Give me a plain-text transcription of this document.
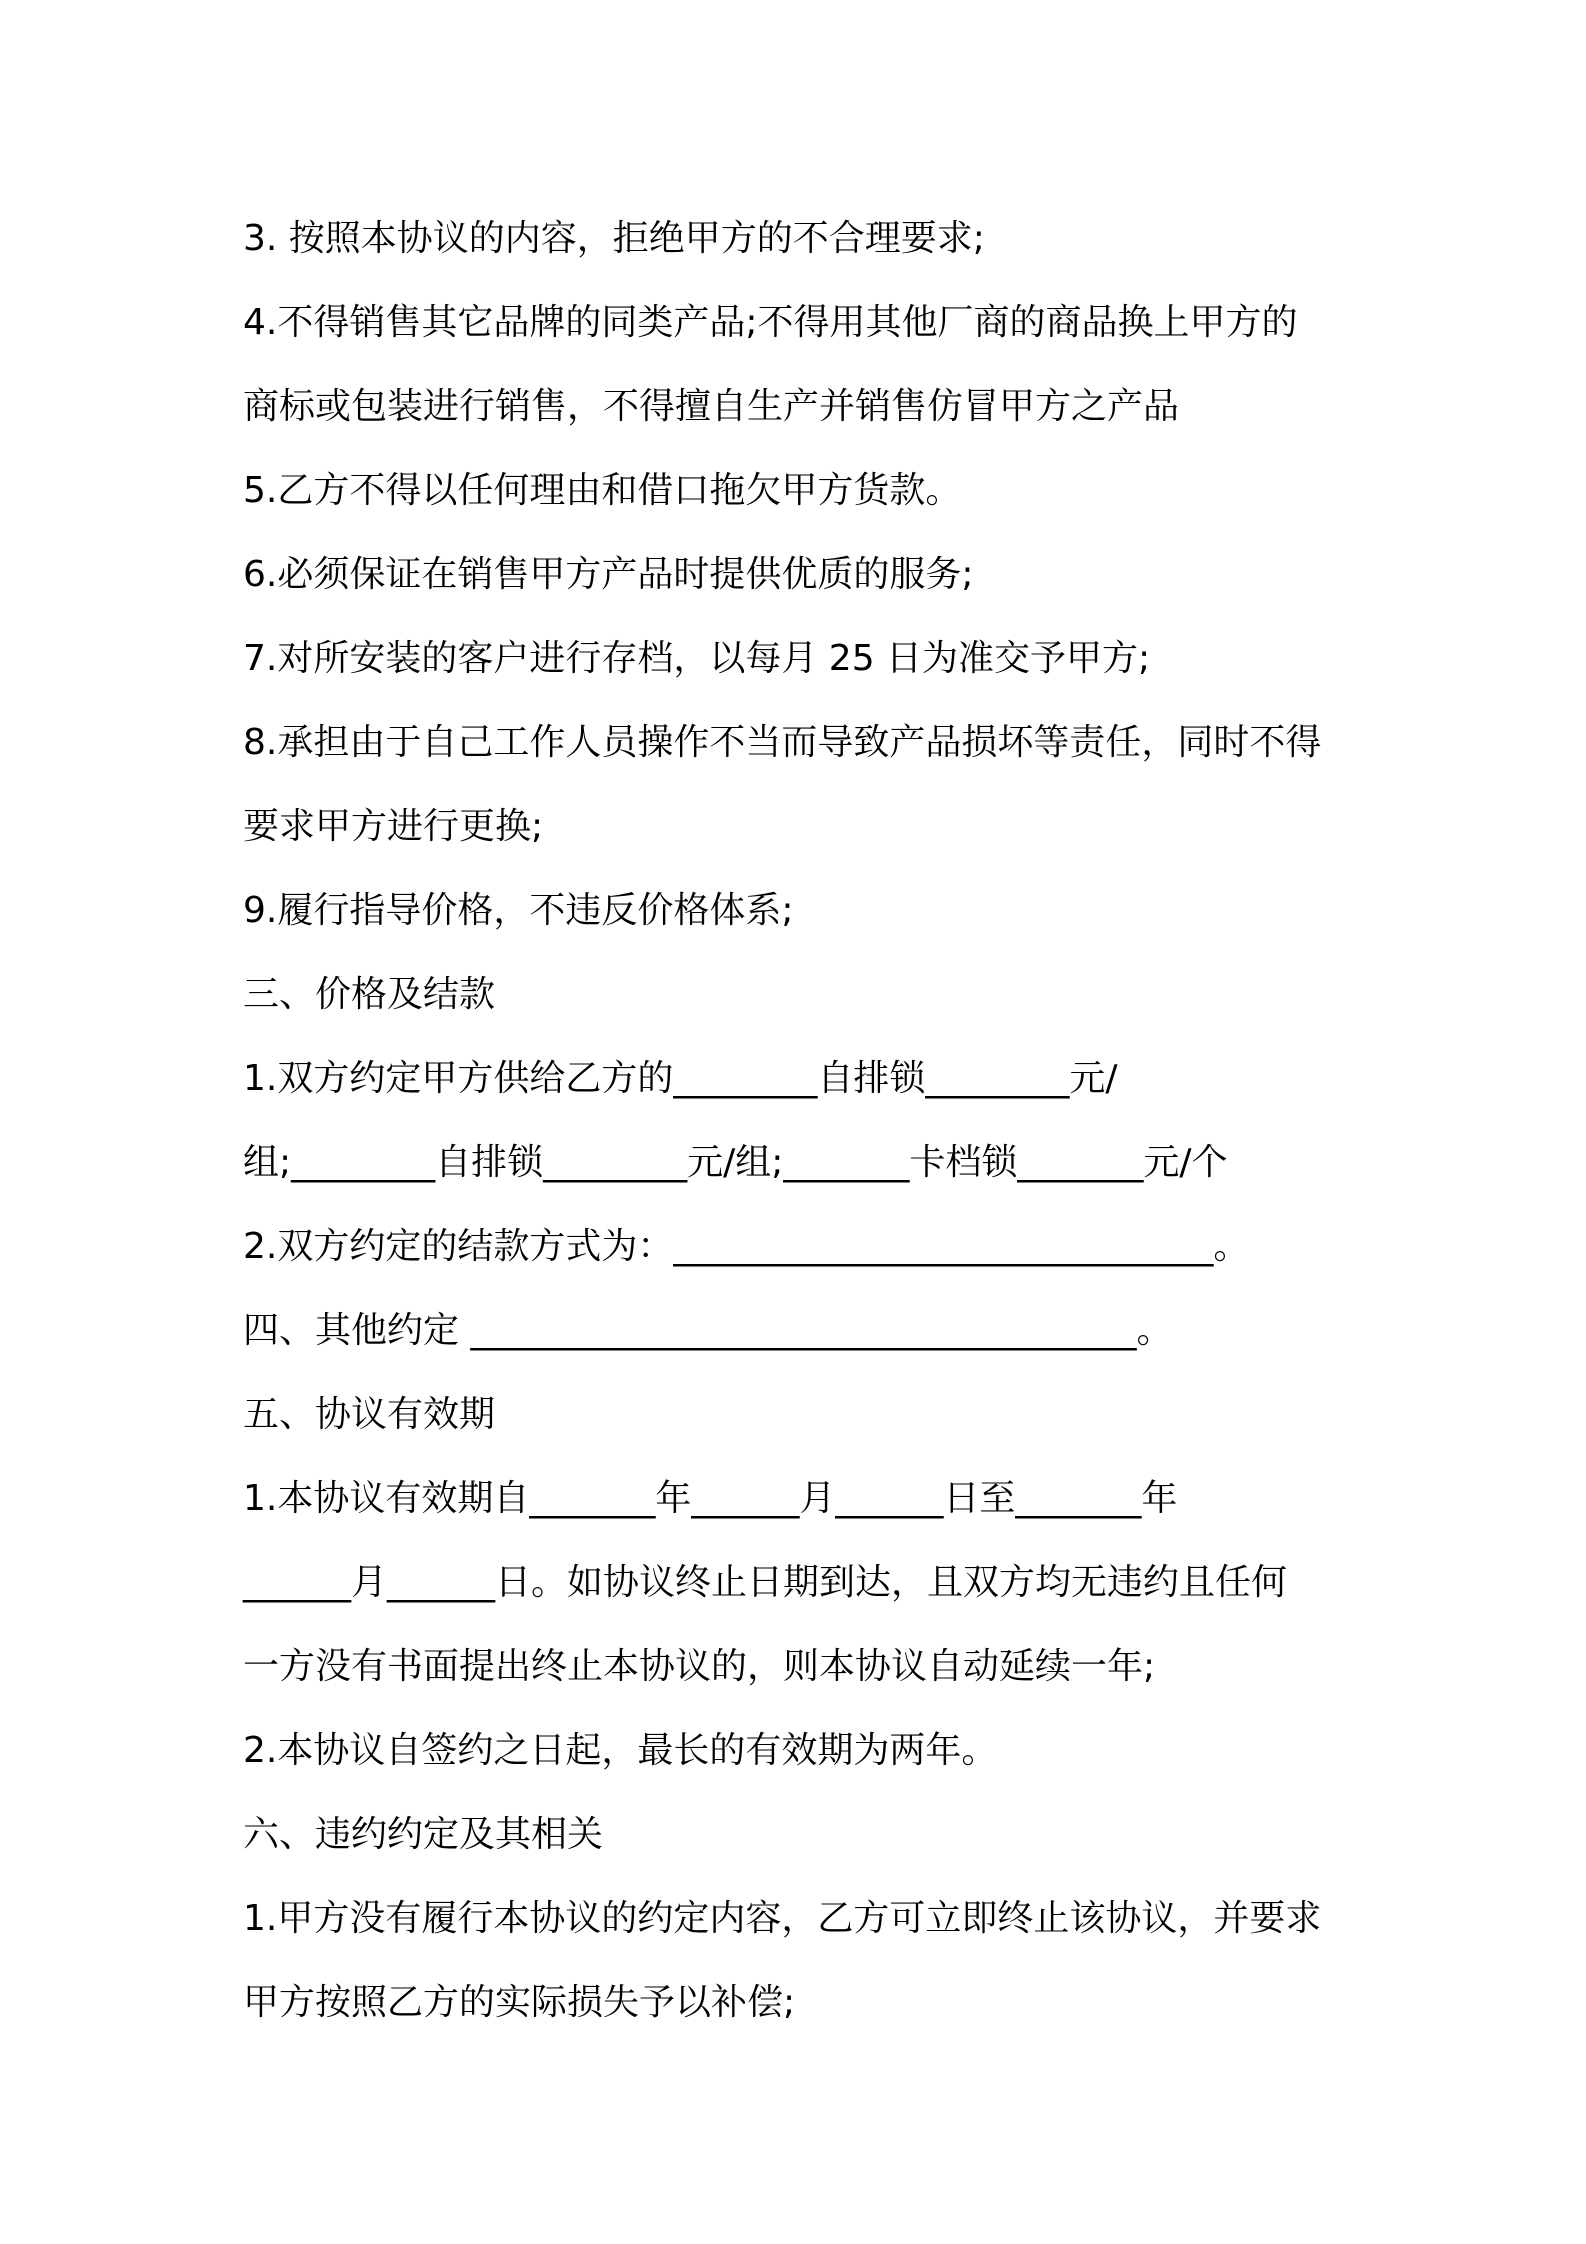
3. 按照本协议的内容，拒绝甲方的不合理要求;

4.不得销售其它品牌的同类产品;不得用其他厂商的商品换上甲方的

商标或包装进行销售，不得擅自生产并销售仿冒甲方之产品

5.乙方不得以任何理由和借口拖欠甲方货款。

6.必须保证在销售甲方产品时提供优质的服务;

7.对所安装的客户进行存档，以每月 25 日为准交予甲方;

8.承担由于自己工作人员操作不当而导致产品损坏等责任，同时不得

要求甲方进行更换;

9.履行指导价格，不违反价格体系;

三、价格及结款

1.双方约定甲方供给乙方的________自排锁________元/

组;________自排锁________元/组;_______卡档锁_______元/个

2.双方约定的结款方式为：______________________________。

四、其他约定 _____________________________________。

五、协议有效期

1.本协议有效期自_______年______月______日至_______年

______月______日。如协议终止日期到达，且双方均无违约且任何

一方没有书面提出终止本协议的，则本协议自动延续一年;

2.本协议自签约之日起，最长的有效期为两年。

六、违约约定及其相关

1.甲方没有履行本协议的约定内容，乙方可立即终止该协议，并要求

甲方按照乙方的实际损失予以补偿;
